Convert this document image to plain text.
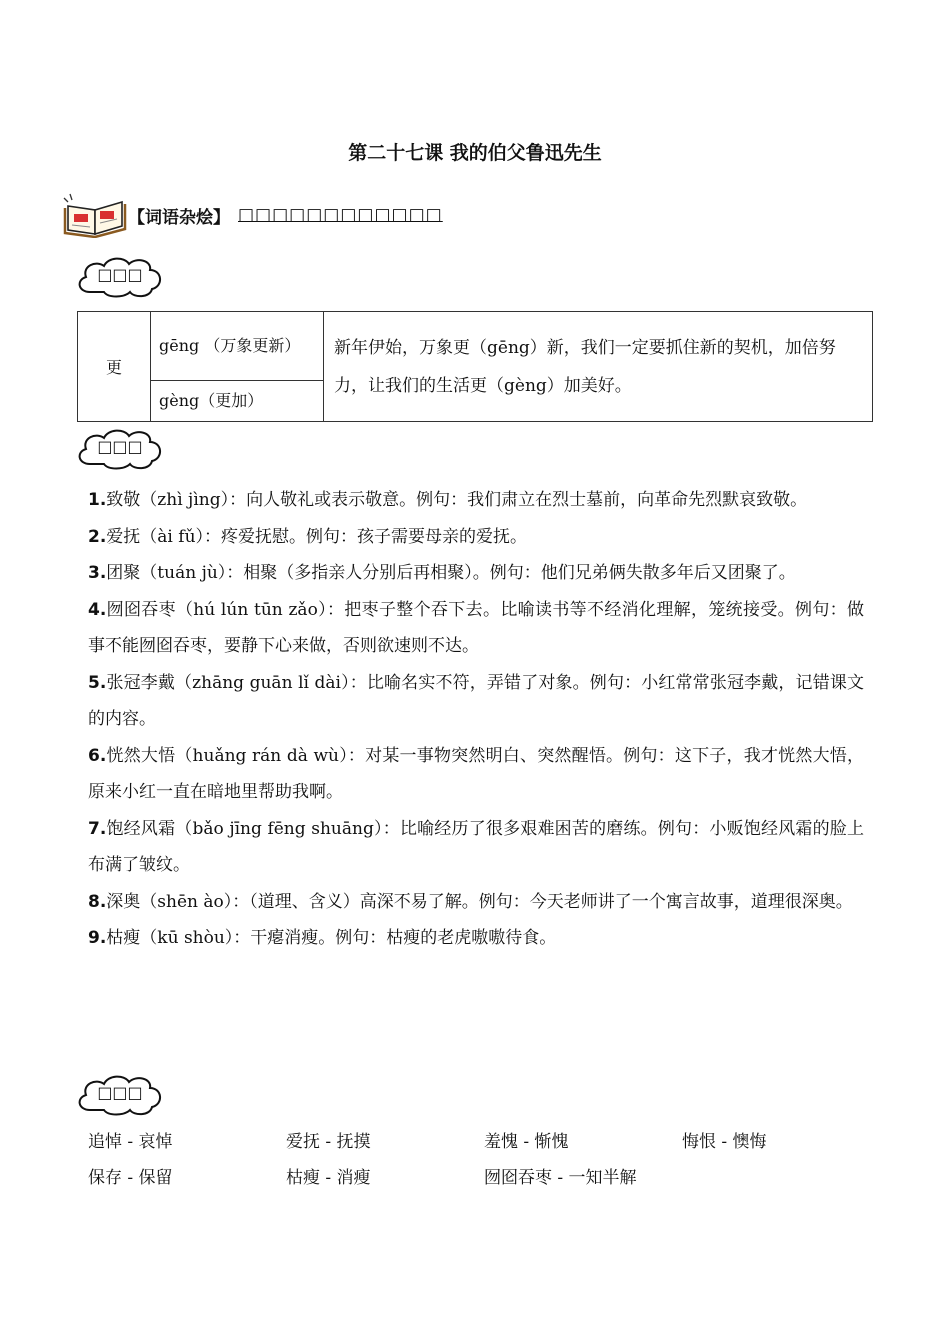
第二十七课 我的伯父鲁迅先生
【词语杂烩】 □□□□□□□□□□□□
□□□
更	gēng （万象更新）	新年伊始，万象更（gēng）新，我们一定要抓住新的契机，加倍努力，让我们的生活更（gèng）加美好。
gèng（更加）
□□□

1.致敬（zhì jìng）：向人敬礼或表示敬意。例句：我们肃立在烈士墓前，向革命先烈默哀致敬。

2.爱抚（ài fǔ）：疼爱抚慰。例句：孩子需要母亲的爱抚。

3.团聚（tuán jù）：相聚（多指亲人分别后再相聚）。例句：他们兄弟俩失散多年后又团聚了。

4.囫囵吞枣（hú lún tūn zǎo）：把枣子整个吞下去。比喻读书等不经消化理解，笼统接受。例句：做事不能囫囵吞枣，要静下心来做，否则欲速则不达。

5.张冠李戴（zhāng guān lǐ dài）：比喻名实不符，弄错了对象。例句：小红常常张冠李戴，记错课文的内容。

6.恍然大悟（huǎng rán dà wù）：对某一事物突然明白、突然醒悟。例句：这下子，我才恍然大悟，原来小红一直在暗地里帮助我啊。

7.饱经风霜（bǎo jīng fēng shuāng）：比喻经历了很多艰难困苦的磨练。例句：小贩饱经风霜的脸上布满了皱纹。

8.深奥（shēn ào）：（道理、含义）高深不易了解。例句：今天老师讲了一个寓言故事，道理很深奥。

9.枯瘦（kū shòu）：干瘪消瘦。例句：枯瘦的老虎嗷嗷待食。

□□□
追悼 - 哀悼	爱抚 - 抚摸	羞愧 - 惭愧	悔恨 - 懊悔
保存 - 保留	枯瘦 - 消瘦	囫囵吞枣 - 一知半解
